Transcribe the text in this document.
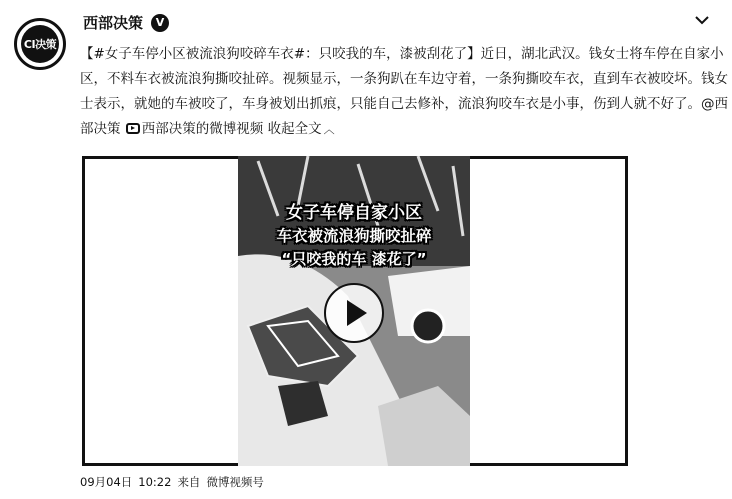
CI决策
西部决策	V
【#女子车停小区被流浪狗咬碎车衣#：只咬我的车，漆被刮花了】近日，湖北武汉。钱女士将车停在自家小区，不料车衣被流浪狗撕咬扯碎。视频显示，一条狗趴在车边守着，一条狗撕咬车衣，直到车衣被咬坏。钱女士表示，就她的车被咬了，车身被划出抓痕，只能自己去修补，流浪狗咬车衣是小事，伤到人就不好了。@西部决策 西部决策的微博视频 收起全文 ︿
女子车停自家小区
车衣被流浪狗撕咬扯碎
“只咬我的车 漆花了”
09月04日 10:22 来自 微博视频号
